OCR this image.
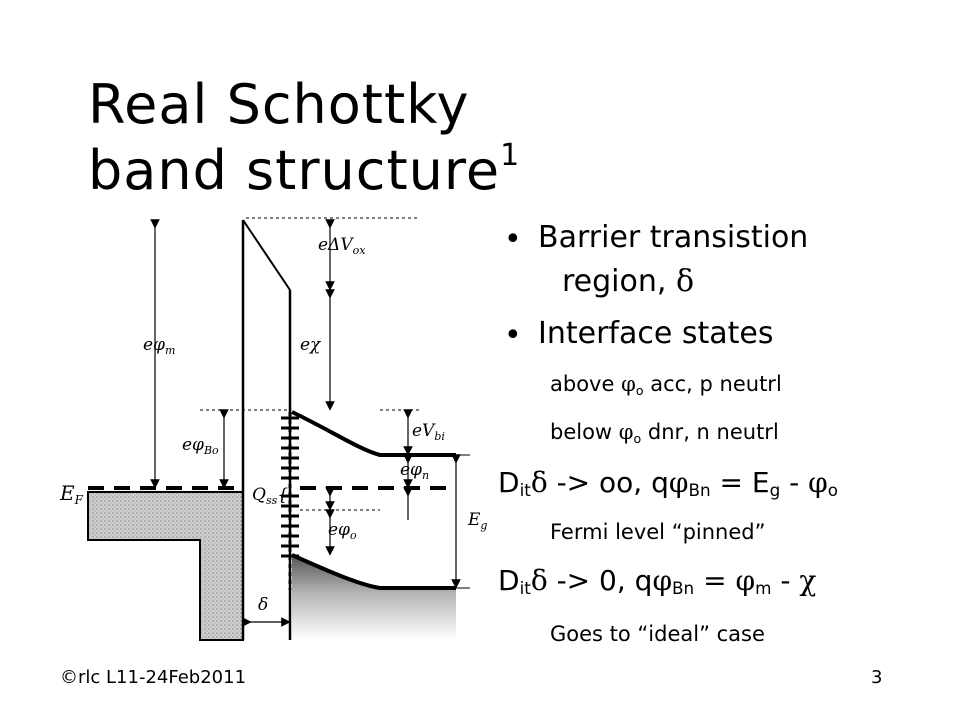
Real Schottky
band structure$^1$
eΔV$_{ox}$
eχ
$e\varphi_m$
$e\varphi_{Bo}$
$eV_{bi}$
$e\varphi_n$
$E_F$	$Q_{ss}${
$e\varphi_o$
$E_g$
δ
• Barrier transistion
region, δ
• Interface states
above $\varphi_o$ acc, p neutrl
below $\varphi_o$ dnr, n neutrl
$D_{it}\delta$ -> oo, $q\varphi_{Bn} = E_g - \varphi_o$
Fermi level “pinned”
$D_{it}\delta -> 0$, $q\varphi_{Bn} = \varphi_m - \chi$
Goes to “ideal” case
©rlc L11-24Feb2011	3
